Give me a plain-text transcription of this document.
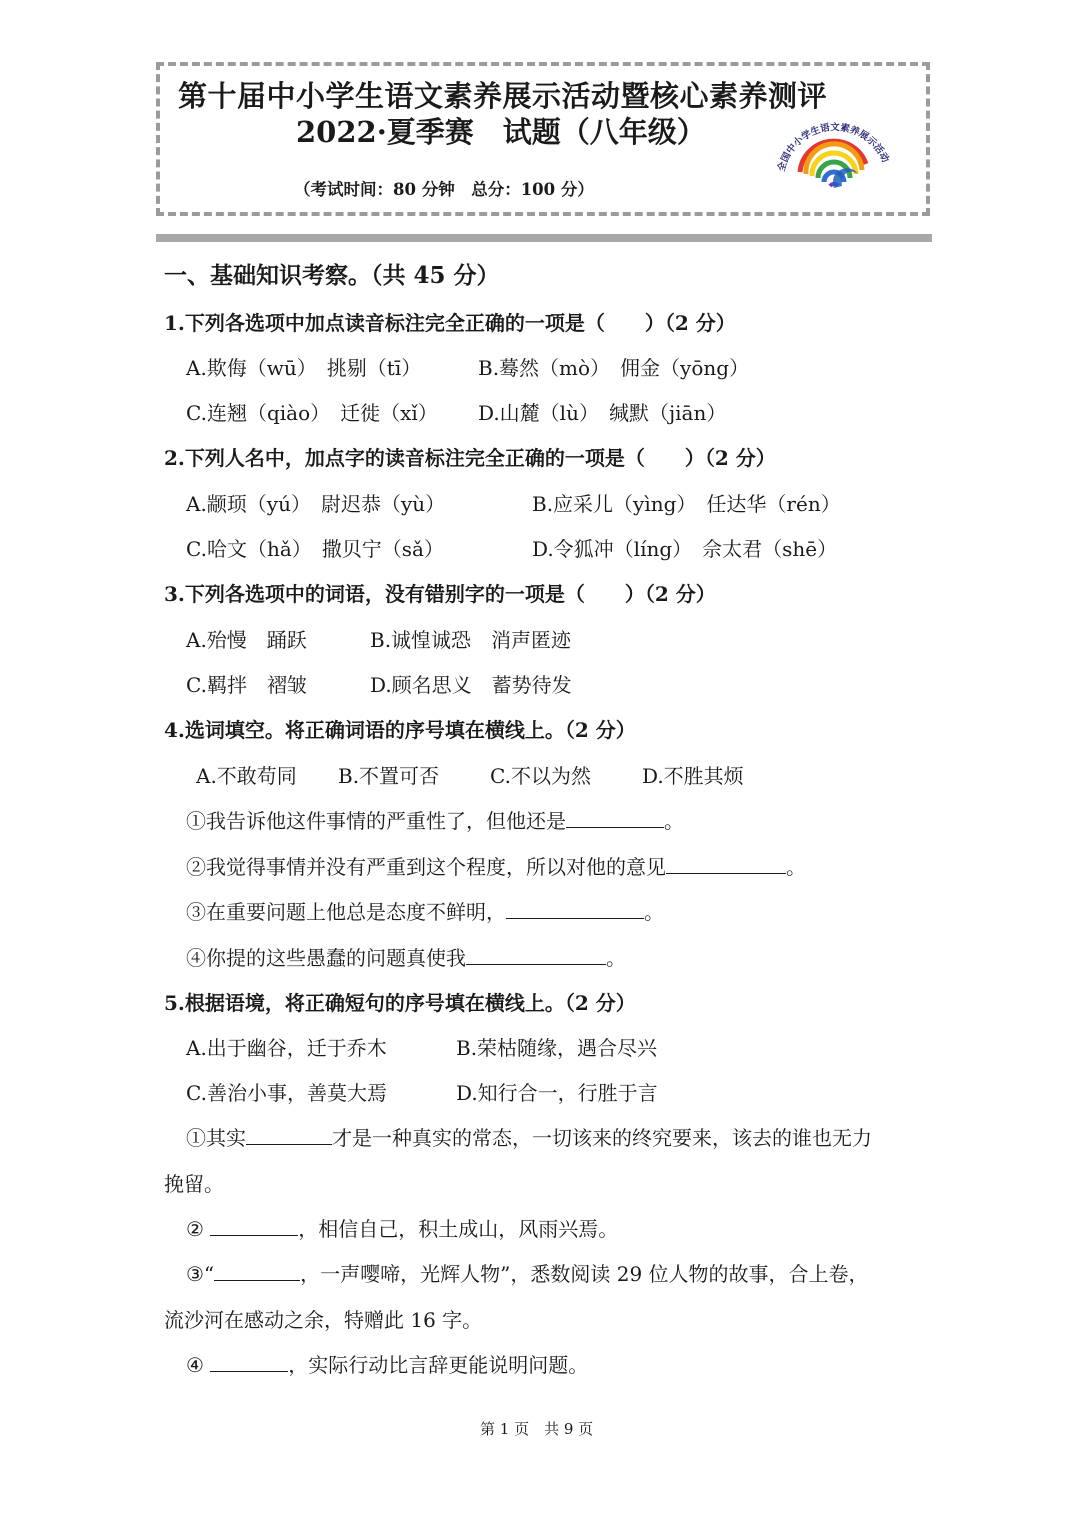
第十届中小学生语文素养展示活动暨核心素养测评
2022·夏季赛　试题（八年级）
（考试时间：80 分钟　总分：100 分）
全国中小学生语文素养展示活动
一、基础知识考察。（共 45 分）
1.下列各选项中加点读音标注完全正确的一项是（　　）（2 分）
A.欺侮（wū）　挑剔（tī）	B.蓦然（mò）　佣金（yōng）
C.连翘（qiào）　迁徙（xǐ） D.山麓（lù）　缄默（jiān）
2.下列人名中，加点字的读音标注完全正确的一项是（　　）（2 分）
A.颛顼（yú）　尉迟恭（yù）	B.应采儿（yìng）　任达华（rén）
C.哈文（hǎ）　撒贝宁（sǎ）	D.令狐冲（líng）　佘太君（shē）
3.下列各选项中的词语，没有错别字的一项是（　　）（2 分）
A.殆慢　踊跃	B.诚惶诚恐　消声匿迹
C.羁拌　褶皱	D.顾名思义　蓄势待发
4.选词填空。将正确词语的序号填在横线上。（2 分）
A.不敢苟同 B.不置可否	C.不以为然	D.不胜其烦
①我告诉他这件事情的严重性了，但他还是	。
②我觉得事情并没有严重到这个程度，所以对他的意见	。
③在重要问题上他总是态度不鲜明，	。
④你提的这些愚蠢的问题真使我	。
5.根据语境，将正确短句的序号填在横线上。（2 分）
A.出于幽谷，迁于乔木	B.荣枯随缘，遇合尽兴
C.善治小事，善莫大焉	D.知行合一，行胜于言
①其实	才是一种真实的常态，一切该来的终究要来，该去的谁也无力
挽留。
②	，相信自己，积土成山，风雨兴焉。
③“	，一声嘤啼，光辉人物”，悉数阅读 29 位人物的故事，合上卷，
流沙河在感动之余，特赠此 16 字。
④	，实际行动比言辞更能说明问题。
第 1 页　共 9 页
